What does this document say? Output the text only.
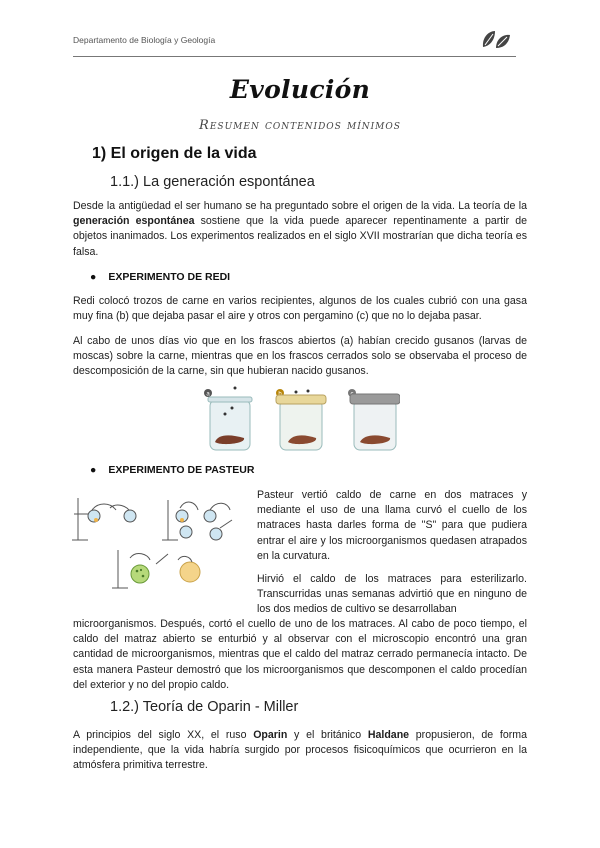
Departamento de Biología y Geología
Evolución
Resumen contenidos mínimos
1) El origen de la vida
1.1.) La generación espontánea
Desde la antigüedad el ser humano se ha preguntado sobre el origen de la vida. La teoría de la generación espontánea sostiene que la vida puede aparecer repentinamente a partir de objetos inanimados. Los experimentos realizados en el siglo XVII mostrarían que dicha teoría es falsa.
● EXPERIMENTO DE REDI
Redi colocó trozos de carne en varios recipientes, algunos de los cuales cubrió con una gasa muy fina (b) que dejaba pasar el aire y otros con pergamino (c) que no lo dejaba pasar.
Al cabo de unos días vio que en los frascos abiertos (a) habían crecido gusanos (larvas de moscas) sobre la carne, mientras que en los frascos cerrados solo se observaba el proceso de descomposición de la carne, sin que hubieran nacido gusanos.
a
● EXPERIMENTO DE PASTEUR
Pasteur vertió caldo de carne en dos matraces y mediante el uso de una llama curvó el cuello de los matraces hasta darles forma de "S" para que pudiera entrar el aire y los microorganismos quedasen atrapados en la curvatura.
Hirvió el caldo de los matraces para esterilizarlo. Transcurridas unas semanas advirtió que en ninguno de los dos medios de cultivo se desarrollaban
microorganismos. Después, cortó el cuello de uno de los matraces. Al cabo de poco tiempo, el caldo del matraz abierto se enturbió y al observar con el microscopio encontró una gran cantidad de microorganismos, mientras que el caldo del matraz cerrado permanecía intacto. De esta manera Pasteur demostró que los microorganismos que descomponen el caldo procedían del exterior y no del propio caldo.
1.2.) Teoría de Oparin - Miller
A principios del siglo XX, el ruso Oparin y el británico Haldane propusieron, de forma independiente, que la vida habría surgido por procesos fisicoquímicos que ocurrieron en la atmósfera primitiva terrestre.
